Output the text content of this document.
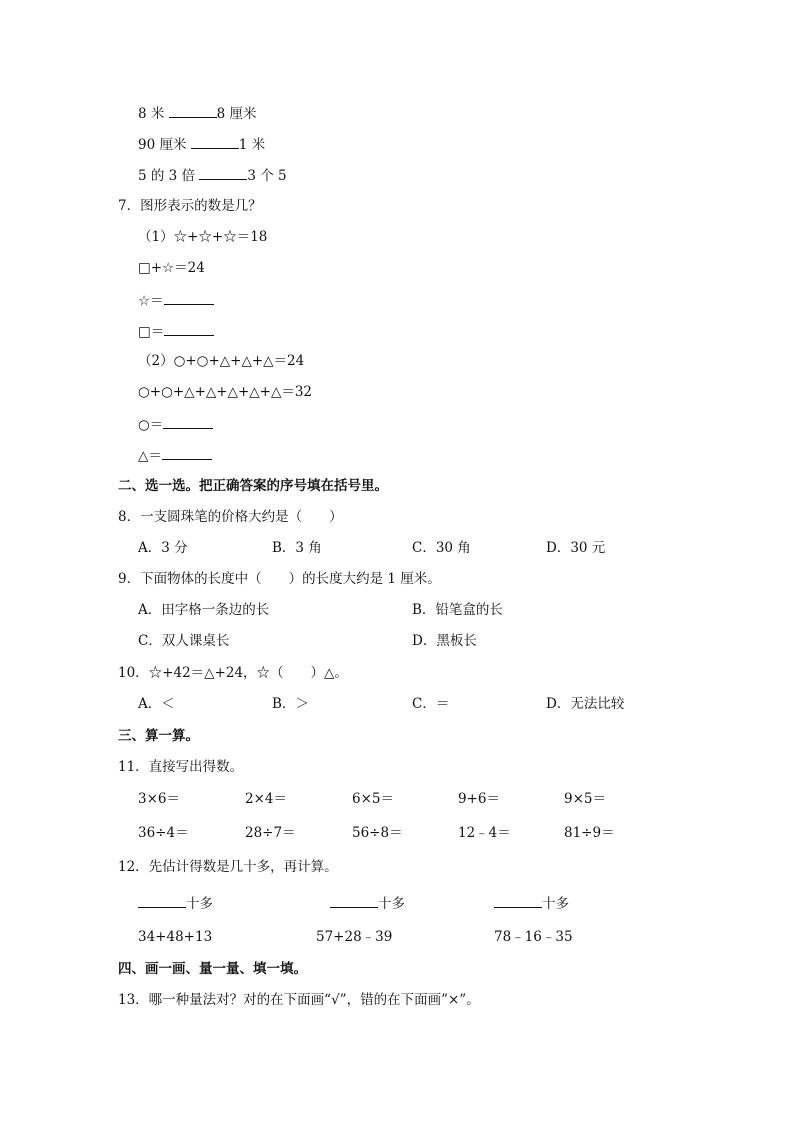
8 米	8 厘米
90 厘米	1 米
5 的 3 倍	3 个 5
7．图形表示的数是几？
（1）☆+☆+☆＝18
□+☆＝24
☆＝
□＝
（2）○+○+△+△+△＝24
○+○+△+△+△+△+△＝32
○＝
△＝
二、选一选。把正确答案的序号填在括号里。
8．一支圆珠笔的价格大约是（　　）
A．3 分	B．3 角	C．30 角	D．30 元
9．下面物体的长度中（　　）的长度大约是 1 厘米。
A．田字格一条边的长	B．铅笔盒的长
C．双人课桌长	D．黑板长
10．☆+42＝△+24，☆（　　）△。
A．＜	B．＞	C．＝	D．无法比较
三、算一算。
11．直接写出得数。
3×6＝	2×4＝	6×5＝	9+6＝	9×5＝
36÷4＝	28÷7＝	56÷8＝	12﹣4＝	81÷9＝
12．先估计得数是几十多，再计算。
十多	十多	十多
34+48+13	57+28﹣39	78﹣16﹣35
四、画一画、量一量、填一填。
13．哪一种量法对？对的在下面画“√”，错的在下面画”×”。
